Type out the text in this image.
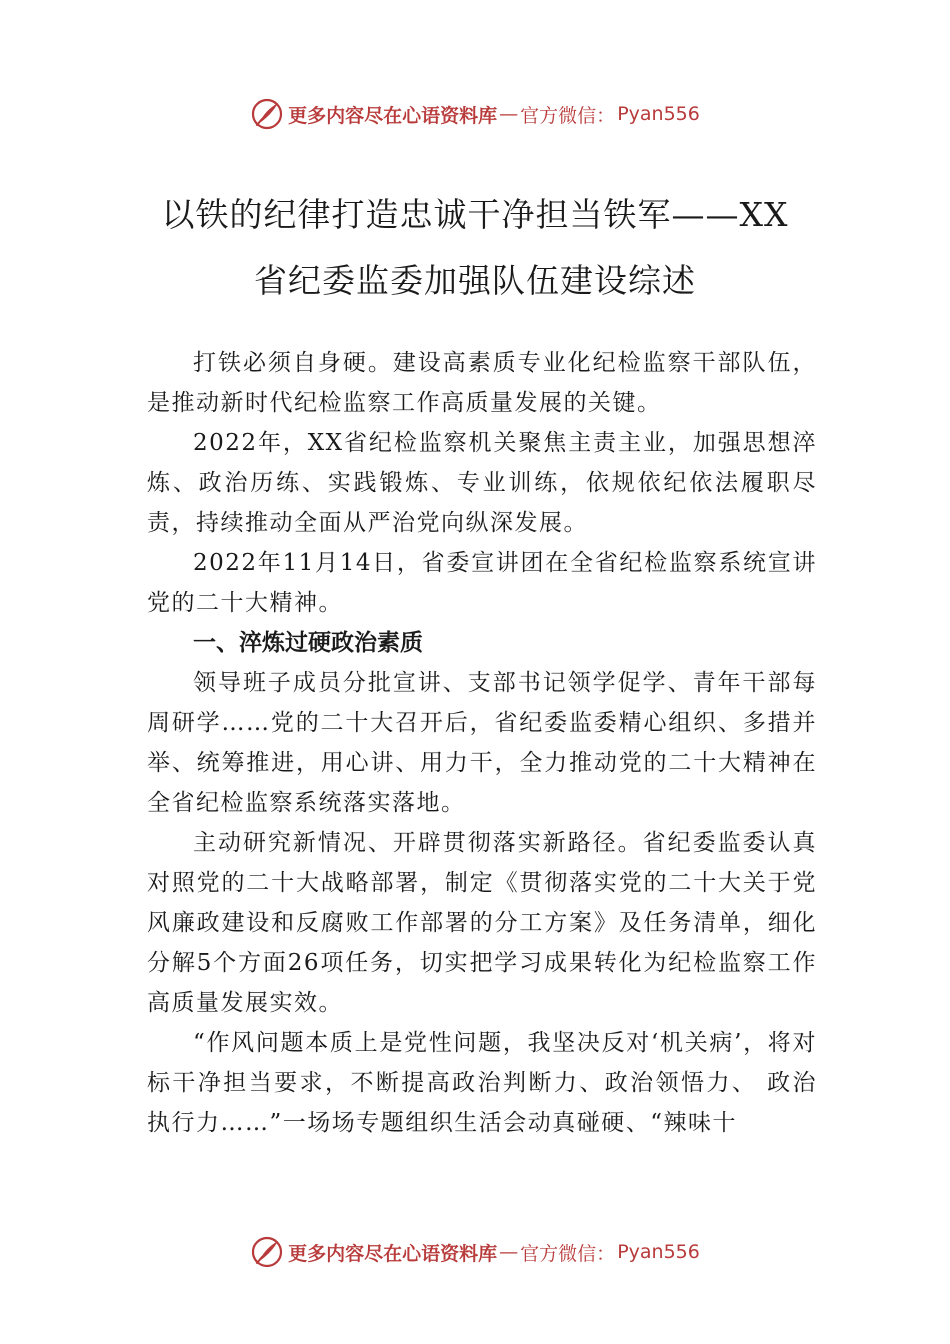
更多内容尽在心语资料库 — 官方微信： Pyan556
以铁的纪律打造忠诚干净担当铁军——XX
省纪委监委加强队伍建设综述

打铁必须自身硬。建设高素质专业化纪检监察干部队伍，是推动新时代纪检监察工作高质量发展的关键。

2022年，XX省纪检监察机关聚焦主责主业，加强思想淬炼、政治历练、实践锻炼、专业训练，依规依纪依法履职尽责，持续推动全面从严治党向纵深发展。

2022年11月14日，省委宣讲团在全省纪检监察系统宣讲党的二十大精神。

一、淬炼过硬政治素质

领导班子成员分批宣讲、支部书记领学促学、青年干部每周研学……党的二十大召开后，省纪委监委精心组织、多措并举、统筹推进，用心讲、用力干，全力推动党的二十大精神在全省纪检监察系统落实落地。

主动研究新情况、开辟贯彻落实新路径。省纪委监委认真对照党的二十大战略部署，制定《贯彻落实党的二十大关于党风廉政建设和反腐败工作部署的分工方案》及任务清单，细化分解5个方面26项任务，切实把学习成果转化为纪检监察工作高质量发展实效。

“作风问题本质上是党性问题，我坚决反对‘机关病’，将对标干净担当要求，不断提高政治判断力、政治领悟力、 政治执行力……”一场场专题组织生活会动真碰硬、“辣味十

更多内容尽在心语资料库 — 官方微信： Pyan556
